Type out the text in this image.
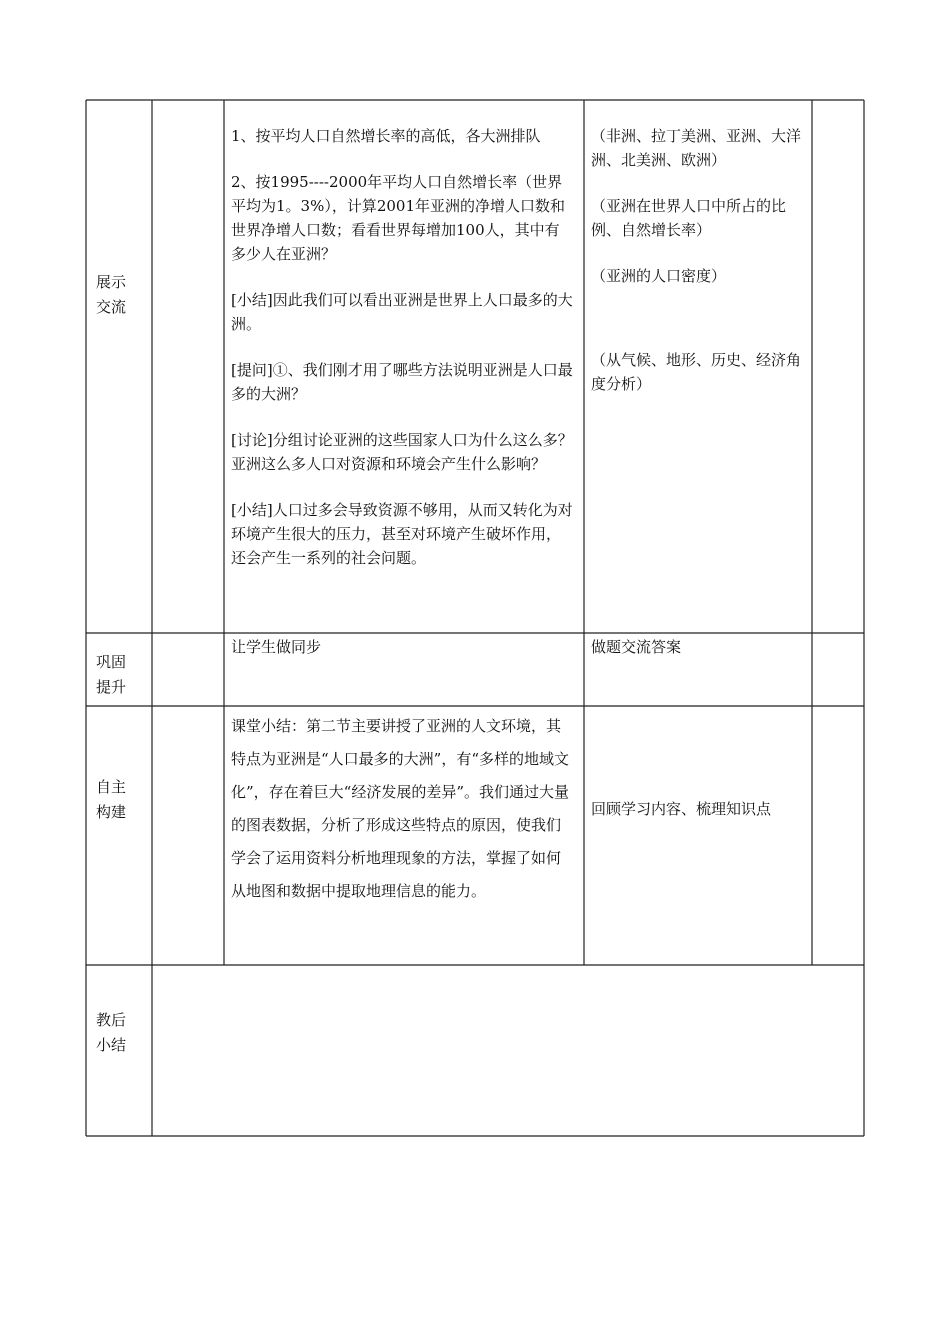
展示
交流

1、按平均人口自然增长率的高低，各大洲排队

2、按1995----2000年平均人口自然增长率（世界平均为1。3%），计算2001年亚洲的净增人口数和世界净增人口数；看看世界每增加100人，其中有多少人在亚洲？

[小结]因此我们可以看出亚洲是世界上人口最多的大洲。

[提问]①、我们刚才用了哪些方法说明亚洲是人口最多的大洲？

[讨论]分组讨论亚洲的这些国家人口为什么这么多？亚洲这么多人口对资源和环境会产生什么影响？

[小结]人口过多会导致资源不够用，从而又转化为对环境产生很大的压力，甚至对环境产生破坏作用，还会产生一系列的社会问题。

（非洲、拉丁美洲、亚洲、大洋洲、北美洲、欧洲）

（亚洲在世界人口中所占的比例、自然增长率）

（亚洲的人口密度）

（从气候、地形、历史、经济角度分析）

巩固
提升

让学生做同步	做题交流答案

自主
构建

课堂小结：第二节主要讲授了亚洲的人文环境，其特点为亚洲是“人口最多的大洲”，有“多样的地域文化”，存在着巨大“经济发展的差异”。我们通过大量的图表数据，分析了形成这些特点的原因，使我们学会了运用资料分析地理现象的方法，掌握了如何从地图和数据中提取地理信息的能力。

回顾学习内容、梳理知识点

教后
小结
